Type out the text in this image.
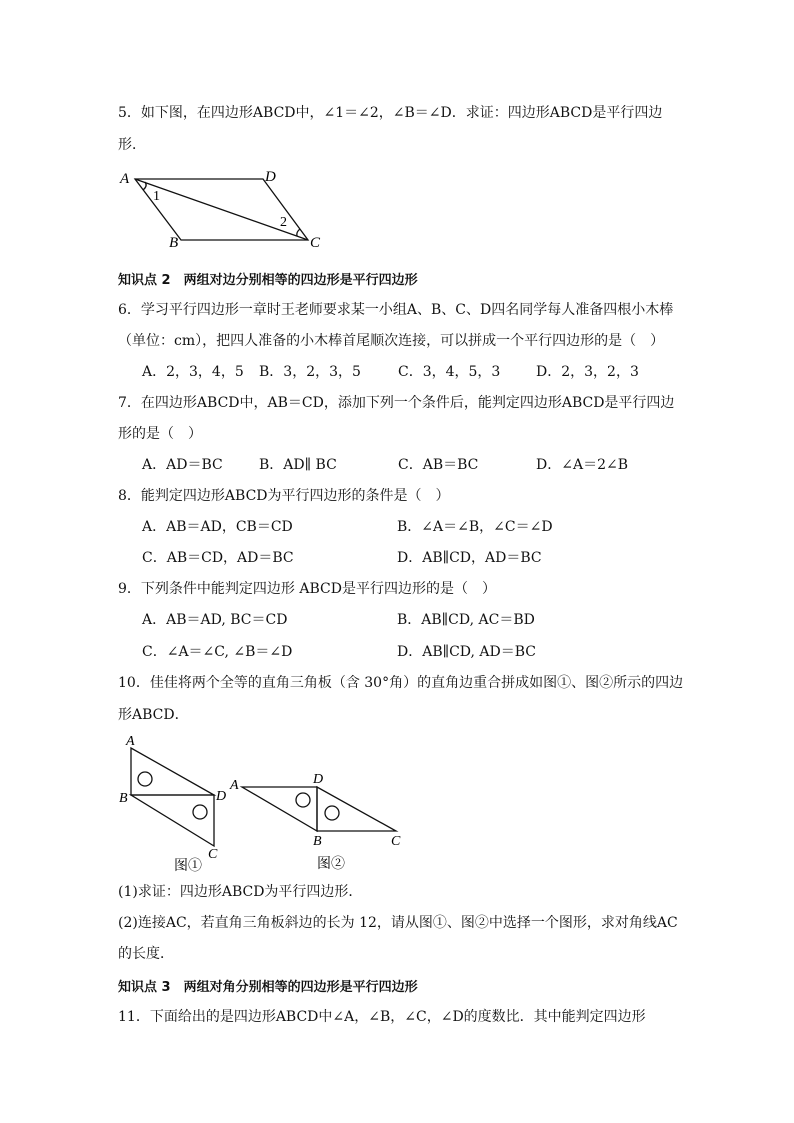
5．如下图，在四边形ABCD中，∠1＝∠2，∠B＝∠D．求证：四边形ABCD是平行四边
形．
A	D
B	C
1
2
知识点 2　两组对边分别相等的四边形是平行四边形
6．学习平行四边形一章时王老师要求某一小组A、B、C、D四名同学每人准备四根小木棒
（单位：cm），把四人准备的小木棒首尾顺次连接，可以拼成一个平行四边形的是（　）
A．2，3，4，5 B．3，2，3，5	C．3，4，5，3	D．2，3，2，3
7．在四边形ABCD中，AB＝CD，添加下列一个条件后，能判定四边形ABCD是平行四边
形的是（　）
A．AD＝BC	B．AD∥ BC	C．AB＝BC	D．∠A＝2∠B
8．能判定四边形ABCD为平行四边形的条件是（　）
A．AB＝AD，CB＝CD	B．∠A＝∠B，∠C＝∠D
C．AB＝CD，AD＝BC	D．AB∥CD，AD＝BC
9．下列条件中能判定四边形 ABCD是平行四边形的是（　）
A．AB＝AD, BC＝CD	B．AB∥CD, AC＝BD
C．∠A＝∠C, ∠B＝∠D	D．AB∥CD, AD＝BC
10．佳佳将两个全等的直角三角板（含 30°角）的直角边重合拼成如图①、图②所示的四边
形ABCD．
A
B	D
C
图①
A	D
B	C
图②
(1)求证：四边形ABCD为平行四边形．
(2)连接AC，若直角三角板斜边的长为 12，请从图①、图②中选择一个图形，求对角线AC
的长度．
知识点 3　两组对角分别相等的四边形是平行四边形
11．下面给出的是四边形ABCD中∠A，∠B，∠C，∠D的度数比．其中能判定四边形
